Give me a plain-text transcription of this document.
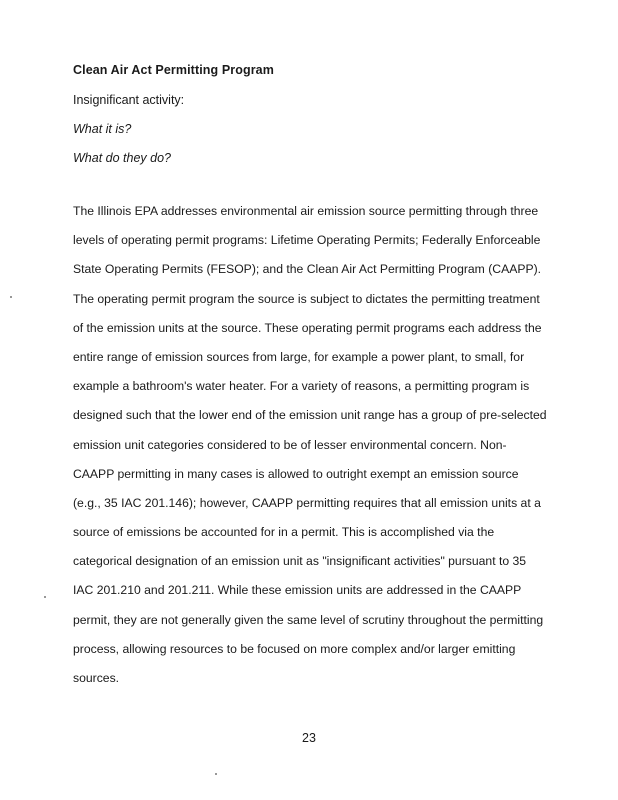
Clean Air Act Permitting Program
Insignificant activity:
What it is?
What do they do?
The Illinois EPA addresses environmental air emission source permitting through three
levels of operating permit programs: Lifetime Operating Permits; Federally Enforceable
State Operating Permits (FESOP); and the Clean Air Act Permitting Program (CAAPP).
The operating permit program the source is subject to dictates the permitting treatment
of the emission units at the source. These operating permit programs each address the
entire range of emission sources from large, for example a power plant, to small, for
example a bathroom's water heater. For a variety of reasons, a permitting program is
designed such that the lower end of the emission unit range has a group of pre-selected
emission unit categories considered to be of lesser environmental concern. Non-
CAAPP permitting in many cases is allowed to outright exempt an emission source
(e.g., 35 IAC 201.146); however, CAAPP permitting requires that all emission units at a
source of emissions be accounted for in a permit. This is accomplished via the
categorical designation of an emission unit as "insignificant activities" pursuant to 35
IAC 201.210 and 201.211. While these emission units are addressed in the CAAPP
permit, they are not generally given the same level of scrutiny throughout the permitting
process, allowing resources to be focused on more complex and/or larger emitting
sources.
23
